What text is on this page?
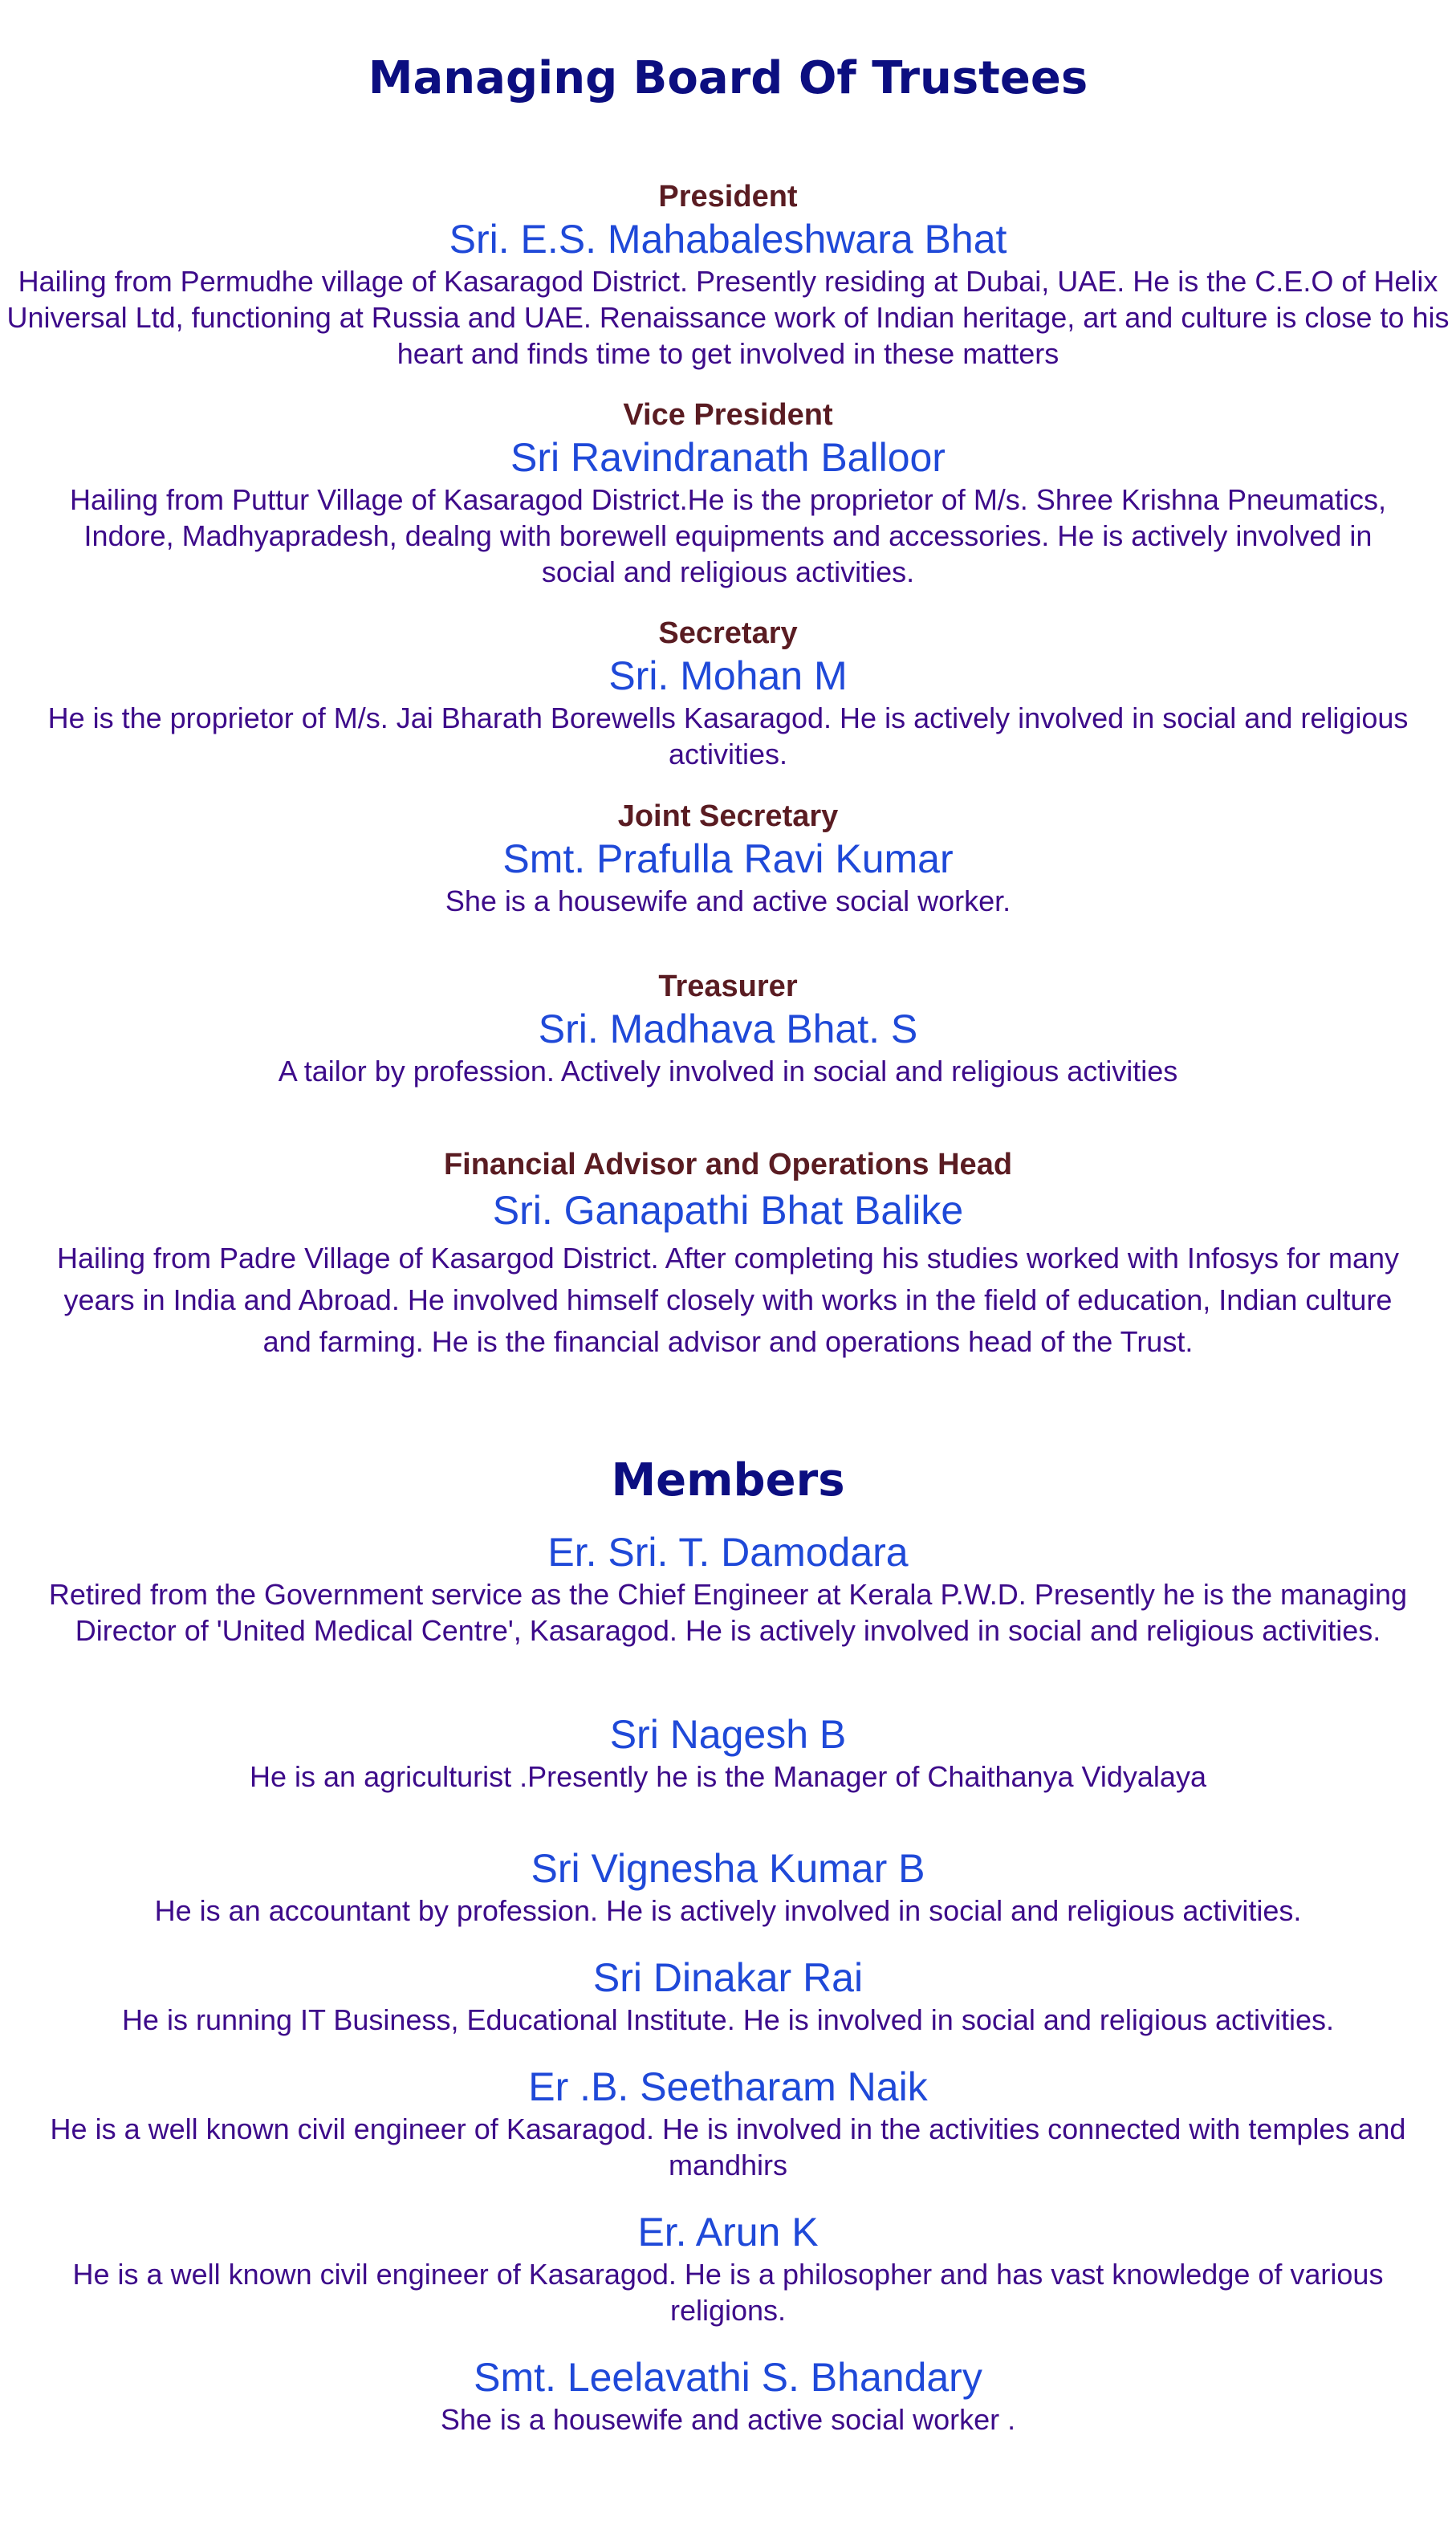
Managing Board Of Trustees

President

Sri. E.S. Mahabaleshwara Bhat

Hailing from Permudhe village of Kasaragod District. Presently residing at Dubai, UAE. He is the C.E.O of Helix Universal Ltd, functioning at Russia and UAE. Renaissance work of Indian heritage, art and culture is close to his heart and finds time to get involved in these matters

Vice President

Sri Ravindranath Balloor

Hailing from Puttur Village of Kasaragod District.He is the proprietor of M/s. Shree Krishna Pneumatics, Indore, Madhyapradesh, dealng with borewell equipments and accessories. He is actively involved in social and religious activities.

Secretary

Sri. Mohan M

He is the proprietor of M/s. Jai Bharath Borewells Kasaragod. He is actively involved in social and religious activities.

Joint Secretary

Smt. Prafulla Ravi Kumar

She is a housewife and active social worker.

Treasurer

Sri. Madhava Bhat. S

A tailor by profession. Actively involved in social and religious activities

Financial Advisor and Operations Head

Sri. Ganapathi Bhat Balike

Hailing from Padre Village of Kasargod District. After completing his studies worked with Infosys for many years in India and Abroad. He involved himself closely with works in the field of education, Indian culture and farming. He is the financial advisor and operations head of the Trust.

Members

Er. Sri. T. Damodara

Retired from the Government service as the Chief Engineer at Kerala P.W.D. Presently he is the managing Director of 'United Medical Centre', Kasaragod. He is actively involved in social and religious activities.

Sri Nagesh B

He is an agriculturist .Presently he is the Manager of Chaithanya Vidyalaya

Sri Vignesha Kumar B

He is an accountant by profession. He is actively involved in social and religious activities.

Sri Dinakar Rai

He is running IT Business, Educational Institute. He is involved in social and religious activities.

Er .B. Seetharam Naik

He is a well known civil engineer of Kasaragod. He is involved in the activities connected with temples and mandhirs

Er. Arun K

He is a well known civil engineer of Kasaragod. He is a philosopher and has vast knowledge of various religions.

Smt. Leelavathi S. Bhandary

She is a housewife and active social worker .
